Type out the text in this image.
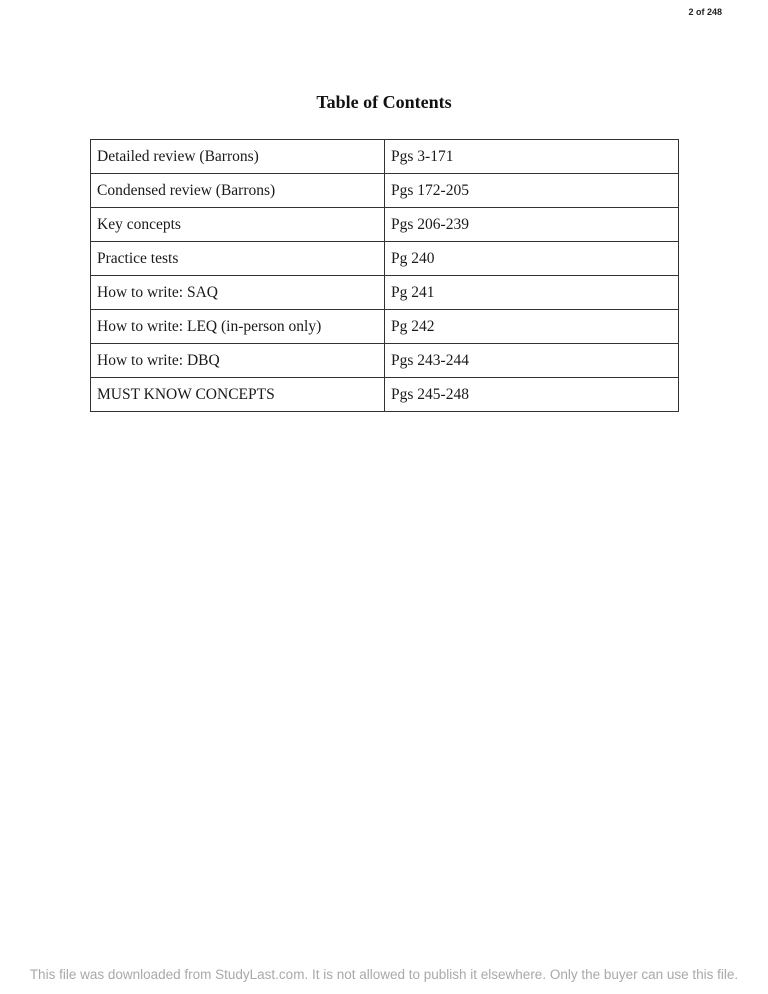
2 of 248
Table of Contents
Detailed review (Barrons)	Pgs 3-171
Condensed review (Barrons)	Pgs 172-205
Key concepts	Pgs 206-239
Practice tests	Pg 240
How to write: SAQ	Pg 241
How to write: LEQ (in-person only)	Pg 242
How to write: DBQ	Pgs 243-244
MUST KNOW CONCEPTS	Pgs 245-248
This file was downloaded from StudyLast.com. It is not allowed to publish it elsewhere. Only the buyer can use this file.
